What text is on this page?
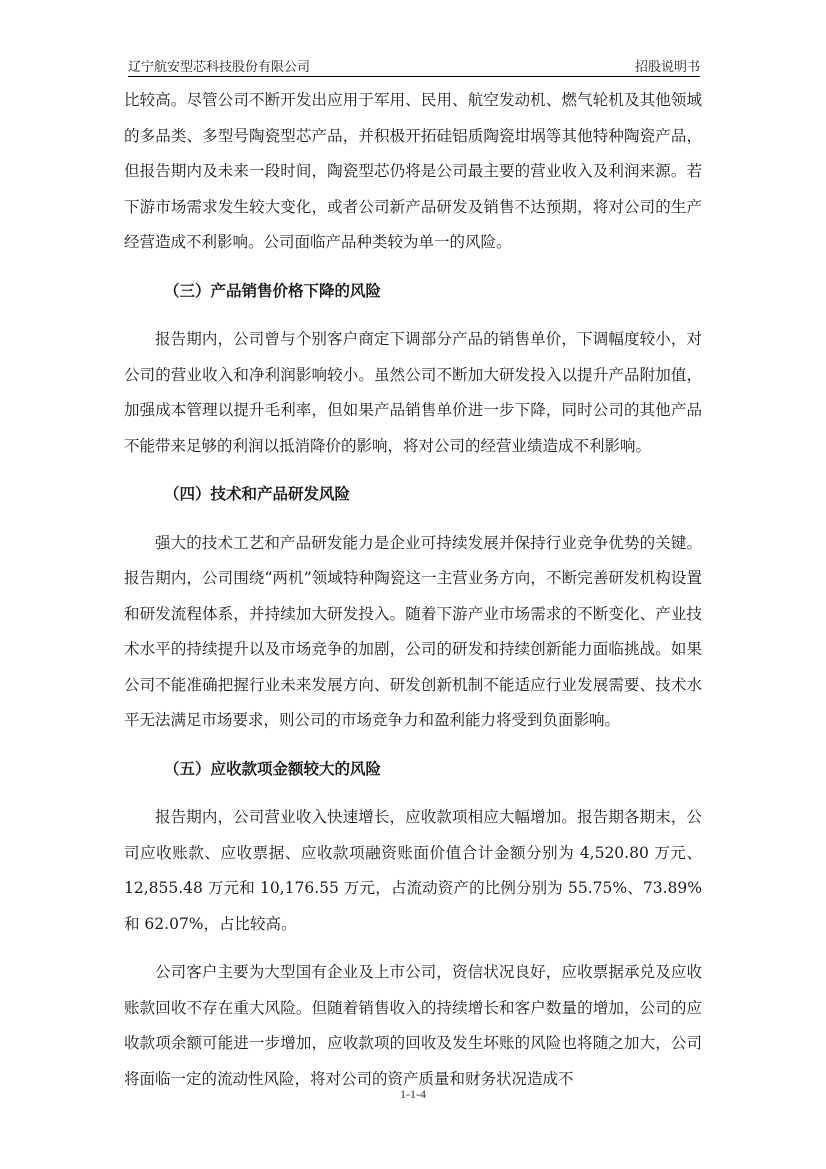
辽宁航安型芯科技股份有限公司	招股说明书

比较高。尽管公司不断开发出应用于军用、民用、航空发动机、燃气轮机及其他领域的多品类、多型号陶瓷型芯产品，并积极开拓硅铝质陶瓷坩埚等其他特种陶瓷产品，但报告期内及未来一段时间，陶瓷型芯仍将是公司最主要的营业收入及利润来源。若下游市场需求发生较大变化，或者公司新产品研发及销售不达预期，将对公司的生产经营造成不利影响。公司面临产品种类较为单一的风险。

（三）产品销售价格下降的风险

报告期内，公司曾与个别客户商定下调部分产品的销售单价，下调幅度较小，对公司的营业收入和净利润影响较小。虽然公司不断加大研发投入以提升产品附加值，加强成本管理以提升毛利率，但如果产品销售单价进一步下降，同时公司的其他产品不能带来足够的利润以抵消降价的影响，将对公司的经营业绩造成不利影响。

（四）技术和产品研发风险

强大的技术工艺和产品研发能力是企业可持续发展并保持行业竞争优势的关键。报告期内，公司围绕“两机”领域特种陶瓷这一主营业务方向，不断完善研发机构设置和研发流程体系，并持续加大研发投入。随着下游产业市场需求的不断变化、产业技术水平的持续提升以及市场竞争的加剧，公司的研发和持续创新能力面临挑战。如果公司不能准确把握行业未来发展方向、研发创新机制不能适应行业发展需要、技术水平无法满足市场要求，则公司的市场竞争力和盈利能力将受到负面影响。

（五）应收款项金额较大的风险

报告期内，公司营业收入快速增长，应收款项相应大幅增加。报告期各期末，公司应收账款、应收票据、应收款项融资账面价值合计金额分别为 4,520.80 万元、12,855.48 万元和 10,176.55 万元，占流动资产的比例分别为 55.75%、73.89%和 62.07%，占比较高。

公司客户主要为大型国有企业及上市公司，资信状况良好，应收票据承兑及应收账款回收不存在重大风险。但随着销售收入的持续增长和客户数量的增加，公司的应收款项余额可能进一步增加，应收款项的回收及发生坏账的风险也将随之加大，公司将面临一定的流动性风险，将对公司的资产质量和财务状况造成不

1-1-4
